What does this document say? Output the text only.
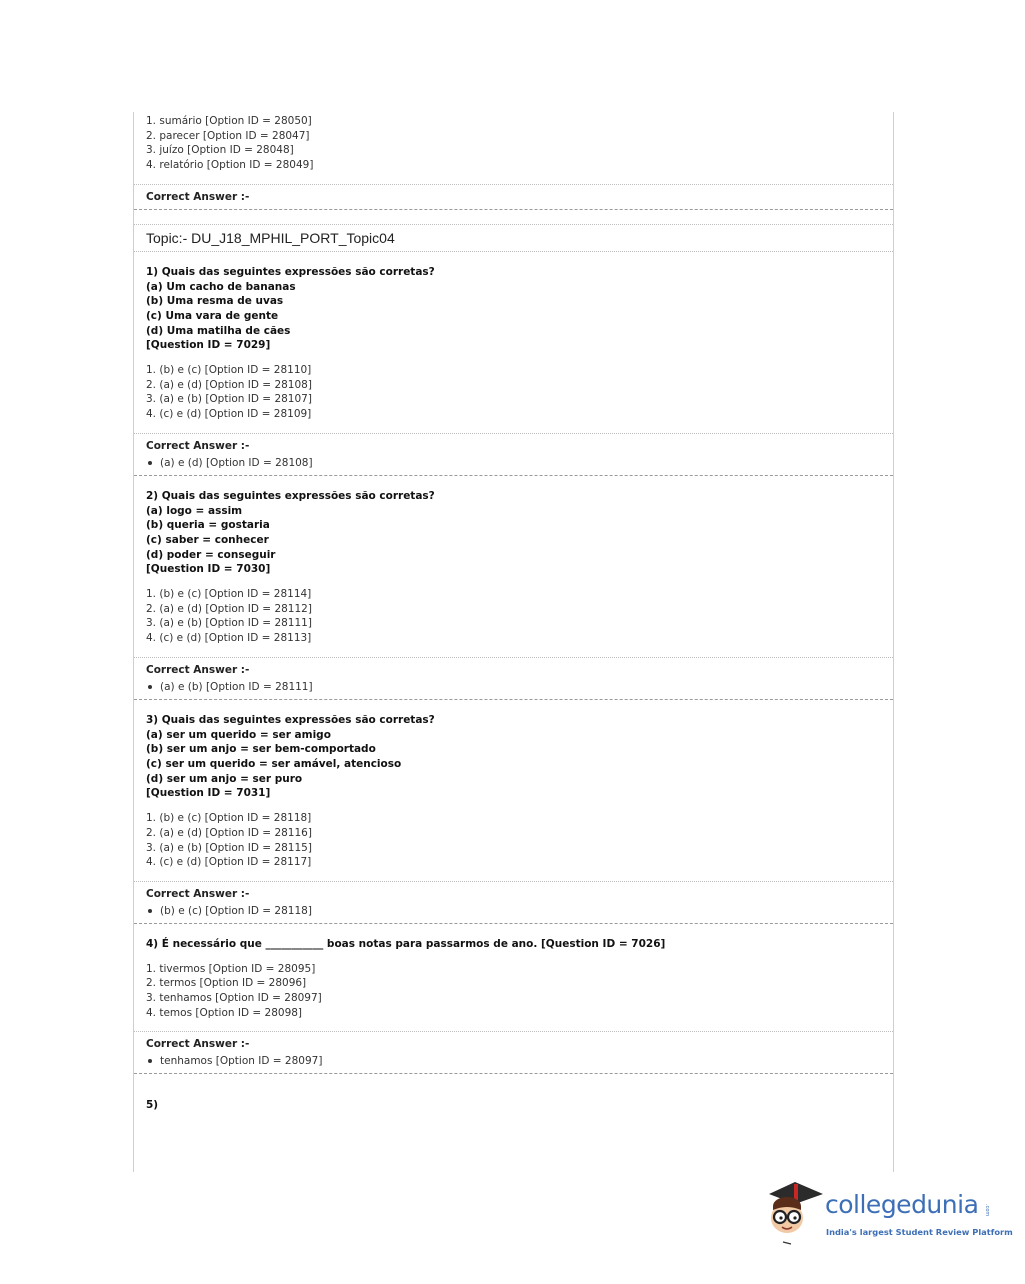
1. sumário [Option ID = 28050]
2. parecer [Option ID = 28047]
3. juízo [Option ID = 28048]
4. relatório [Option ID = 28049]
Correct Answer :-
Topic:- DU_J18_MPHIL_PORT_Topic04
1) Quais das seguintes expressões são corretas?
(a) Um cacho de bananas
(b) Uma resma de uvas
(c) Uma vara de gente
(d) Uma matilha de cães
[Question ID = 7029]
1. (b) e (c) [Option ID = 28110]
2. (a) e (d) [Option ID = 28108]
3. (a) e (b) [Option ID = 28107]
4. (c) e (d) [Option ID = 28109]
Correct Answer :-
(a) e (d) [Option ID = 28108]
2) Quais das seguintes expressões são corretas?
(a) logo = assim
(b) queria = gostaria
(c) saber = conhecer
(d) poder = conseguir
[Question ID = 7030]
1. (b) e (c) [Option ID = 28114]
2. (a) e (d) [Option ID = 28112]
3. (a) e (b) [Option ID = 28111]
4. (c) e (d) [Option ID = 28113]
Correct Answer :-
(a) e (b) [Option ID = 28111]
3) Quais das seguintes expressões são corretas?
(a) ser um querido = ser amigo
(b) ser um anjo = ser bem-comportado
(c) ser um querido = ser amável, atencioso
(d) ser um anjo = ser puro
[Question ID = 7031]
1. (b) e (c) [Option ID = 28118]
2. (a) e (d) [Option ID = 28116]
3. (a) e (b) [Option ID = 28115]
4. (c) e (d) [Option ID = 28117]
Correct Answer :-
(b) e (c) [Option ID = 28118]
4) É necessário que ___________ boas notas para passarmos de ano. [Question ID = 7026]
1. tivermos [Option ID = 28095]
2. termos [Option ID = 28096]
3. tenhamos [Option ID = 28097]
4. temos [Option ID = 28098]
Correct Answer :-
tenhamos [Option ID = 28097]
5)
collegedunia .com
India's largest Student Review Platform
